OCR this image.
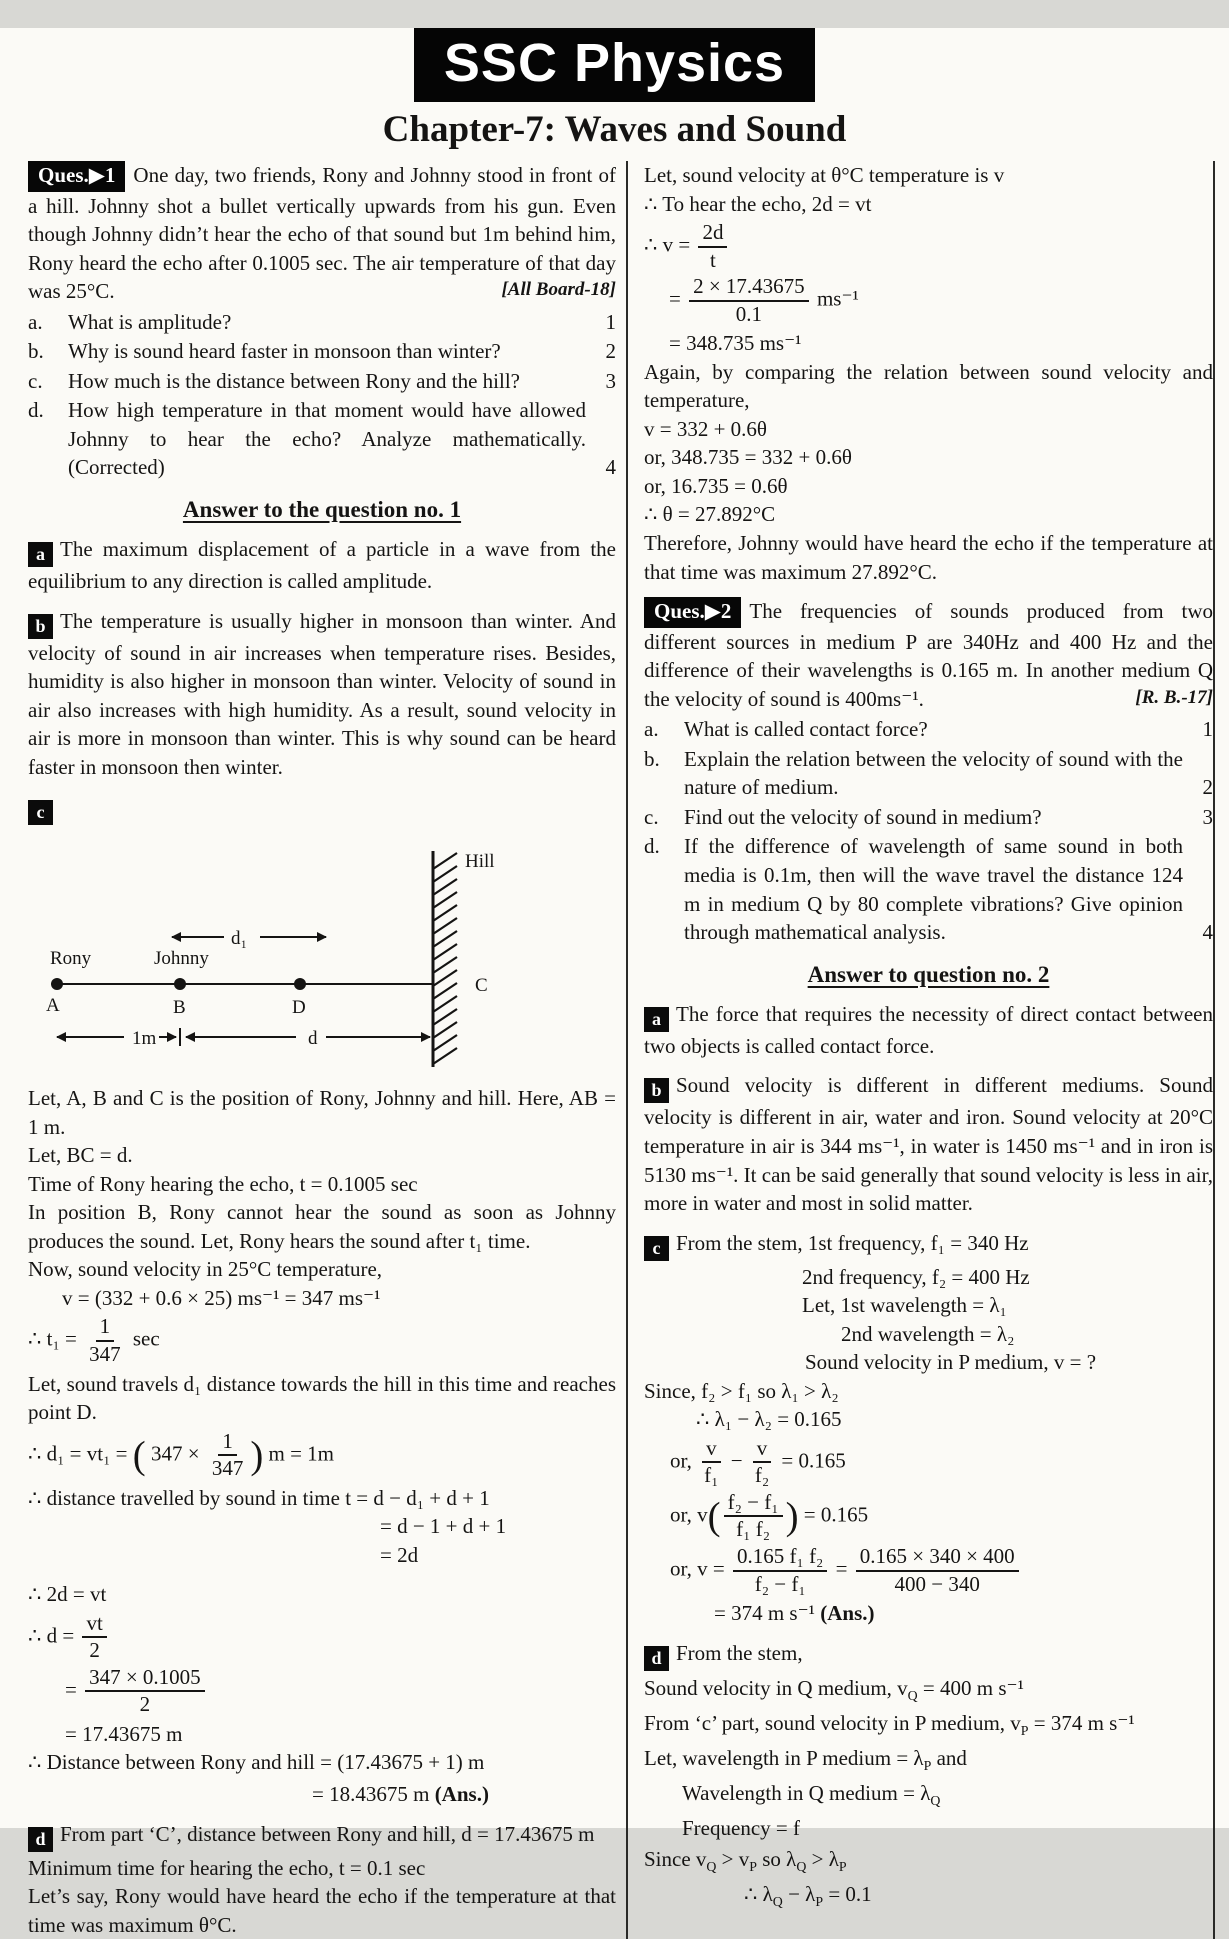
SSC Physics
Chapter-7: Waves and Sound

Ques.▶1 One day, two friends, Rony and Johnny stood in front of a hill. Johnny shot a bullet vertically upwards from his gun. Even though Johnny didn’t hear the echo of that sound but 1m behind him, Rony heard the echo after 0.1005 sec. The air temperature of that day was 25°C.	[All Board-18]

a.	What is amplitude?	1
b.	Why is sound heard faster in monsoon than winter?	2
c.	How much is the distance between Rony and the hill?	3
d.	How high temperature in that moment would have allowed Johnny to hear the echo? Analyze mathematically. (Corrected)	4
Answer to the question no. 1

a The maximum displacement of a particle in a wave from the equilibrium to any direction is called amplitude.

b The temperature is usually higher in monsoon than winter. And velocity of sound in air increases when temperature rises. Besides, humidity is also higher in monsoon than winter. Velocity of sound in air also increases with high humidity. As a result, sound velocity in air is more in monsoon than winter. This is why sound can be heard faster in monsoon then winter.

c
Hill
C
Rony	Johnny
A	B	D
d₁
1m	d

Let, A, B and C is the position of Rony, Johnny and hill. Here, AB = 1 m.

Let, BC = d.

Time of Rony hearing the echo, t = 0.1005 sec

In position B, Rony cannot hear the sound as soon as Johnny produces the sound. Let, Rony hears the sound after t₁ time.

Now, sound velocity in 25°C temperature,

v = (332 + 0.6 × 25) ms⁻¹ = 347 ms⁻¹

∴ $t_1 = \frac{1}{347}$ sec

Let, sound travels d₁ distance towards the hill in this time and reaches point D.

∴ d₁ = vt₁ = ( $347 \times \frac{1}{347}$ ) m = 1m

∴ distance travelled by sound in time t = d − d₁ + d + 1

= d − 1 + d + 1

= 2d

∴ 2d = vt

∴ $d = \frac{vt}{2}$

= $\frac{347 \times 0.1005}{2}$

= 17.43675 m

∴ Distance between Rony and hill = (17.43675 + 1) m

= 18.43675 m (Ans.)

d From part ‘C’, distance between Rony and hill, d = 17.43675 m

Minimum time for hearing the echo, t = 0.1 sec

Let’s say, Rony would have heard the echo if the temperature at that time was maximum θ°C.

Let, sound velocity at θ°C temperature is v

∴ To hear the echo, 2d = vt

∴ $v = \frac{2d}{t}$

= $\frac{2 \times 17.43675}{0.1} ms^{-1}$

= 348.735 ms⁻¹

Again, by comparing the relation between sound velocity and temperature,

v = 332 + 0.6θ

or, 348.735 = 332 + 0.6θ

or, 16.735 = 0.6θ

∴ θ = 27.892°C

Therefore, Johnny would have heard the echo if the temperature at that time was maximum 27.892°C.

Ques.▶2 The frequencies of sounds produced from two different sources in medium P are 340Hz and 400 Hz and the difference of their wavelengths is 0.165 m. In another medium Q the velocity of sound is 400ms⁻¹.	[R. B.-17]

a.	What is called contact force?	1
b.	Explain the relation between the velocity of sound with the nature of medium.	2
c.	Find out the velocity of sound in medium?	3
d.	If the difference of wavelength of same sound in both media is 0.1m, then will the wave travel the distance 124 m in medium Q by 80 complete vibrations? Give opinion through mathematical analysis.	4
Answer to question no. 2

a The force that requires the necessity of direct contact between two objects is called contact force.

b Sound velocity is different in different mediums. Sound velocity is different in air, water and iron. Sound velocity at 20°C temperature in air is 344 ms⁻¹, in water is 1450 ms⁻¹ and in iron is 5130 ms⁻¹. It can be said generally that sound velocity is less in air, more in water and most in solid matter.

c From the stem, 1st frequency, f₁ = 340 Hz

2nd frequency, f₂ = 400 Hz

Let, 1st wavelength = λ₁

2nd wavelength = λ₂

Sound velocity in P medium, v = ?

Since, f₂ > f₁ so λ₁ > λ₂

∴ λ₁ − λ₂ = 0.165

or, $\frac{v}{\text{f₁}} - \frac{v}{\text{f₂}} = 0.165$

or, $v( \frac{\text{f₂ − f₁}}{\text{f₁ f₂}}$ ) = 0.165

or, $v = \frac{\text{0.165 f₁ f₂}}{\text{f₂ − f₁}} = \frac{0.165 \times 340 \times 400}{400 - 340}$

= 374 m s⁻¹ (Ans.)

d From the stem,

Sound velocity in Q medium, $v_Q = 400$ m s⁻¹

From ‘c’ part, sound velocity in P medium, $v_P = 374$ m s⁻¹

Let, wavelength in P medium = $\lambda_P$ and

Wavelength in Q medium = $\lambda_Q$

Frequency = f

Since $v_Q > v_P$ so $\lambda_Q > \lambda_P$

∴ $\lambda_Q - \lambda_P = 0.1$
